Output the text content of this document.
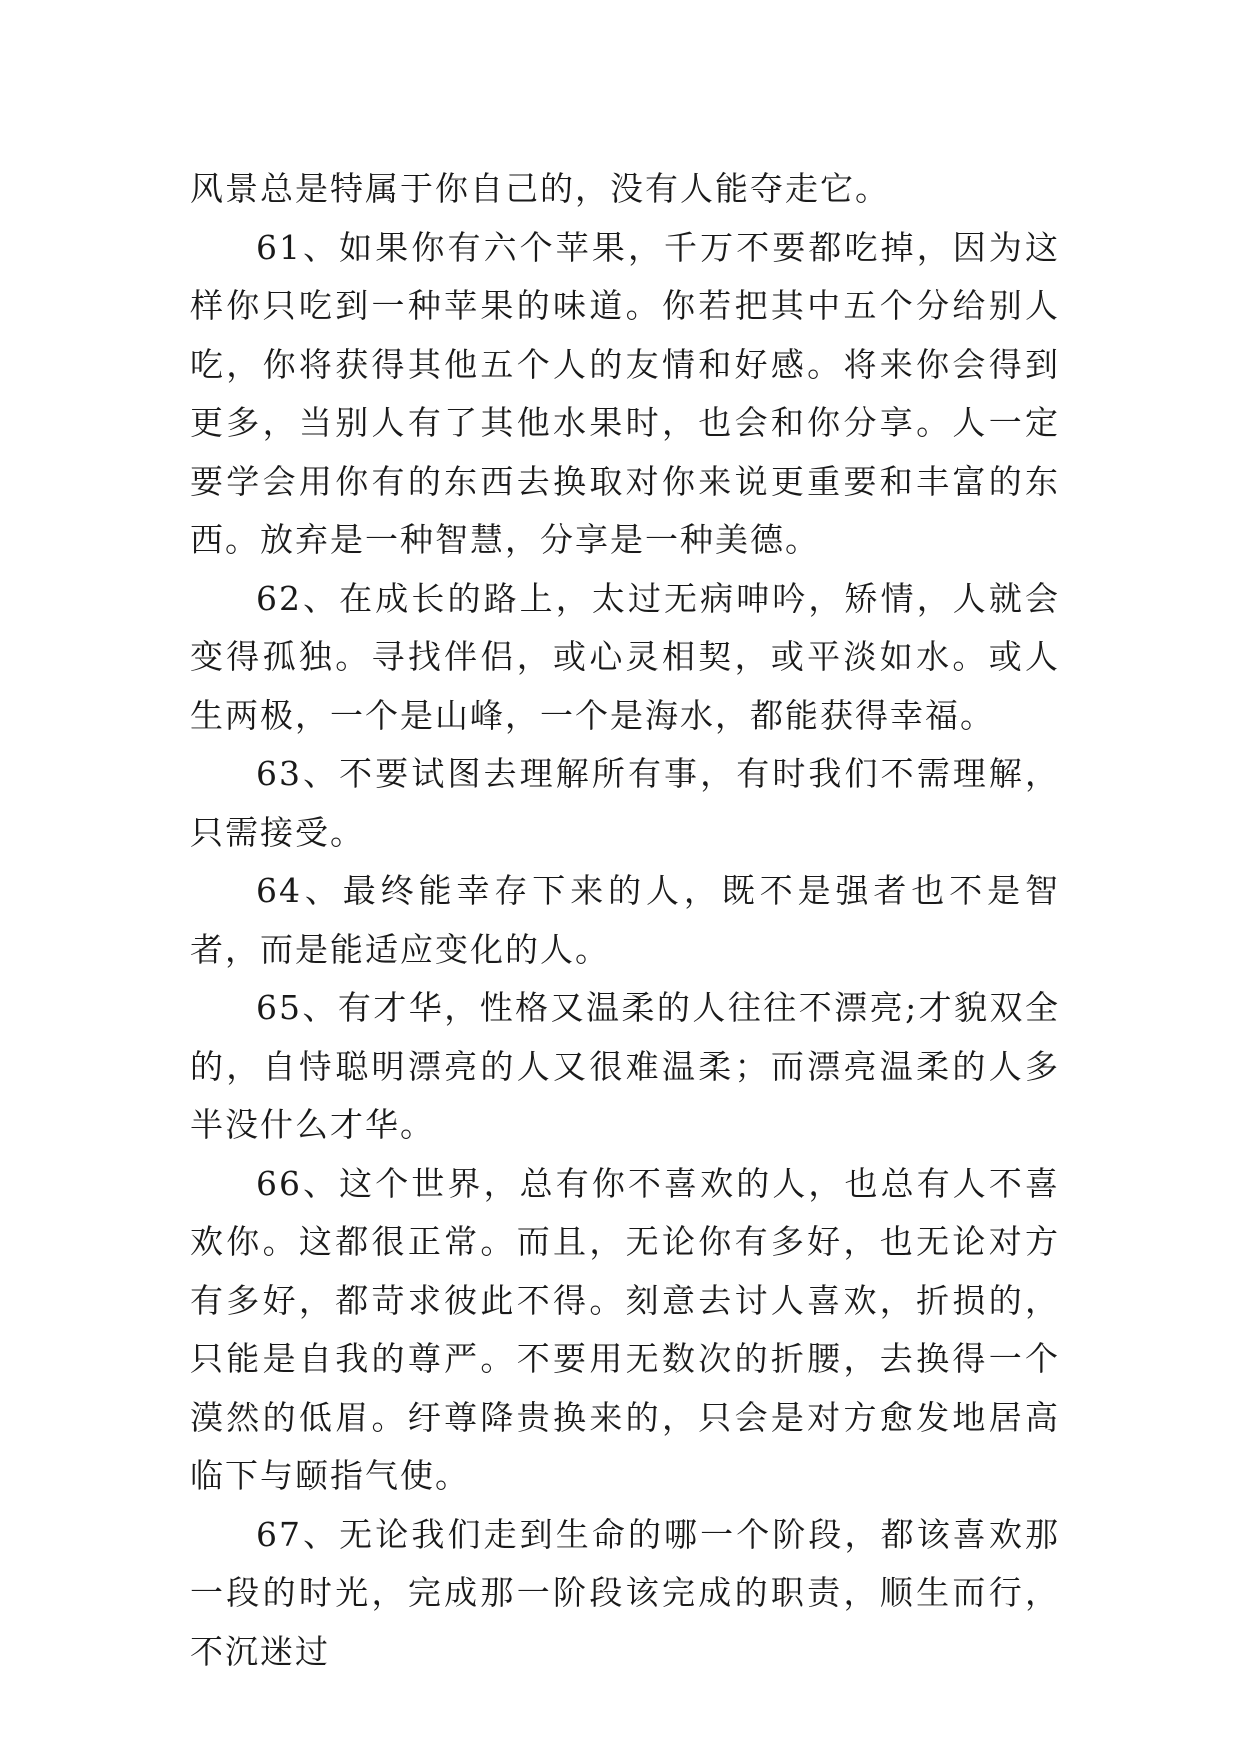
风景总是特属于你自己的，没有人能夺走它。

61、如果你有六个苹果，千万不要都吃掉，因为这样你只吃到一种苹果的味道。你若把其中五个分给别人吃，你将获得其他五个人的友情和好感。将来你会得到更多，当别人有了其他水果时，也会和你分享。人一定要学会用你有的东西去换取对你来说更重要和丰富的东西。放弃是一种智慧，分享是一种美德。

62、在成长的路上，太过无病呻吟，矫情，人就会变得孤独。寻找伴侣，或心灵相契，或平淡如水。或人生两极，一个是山峰，一个是海水，都能获得幸福。

63、不要试图去理解所有事，有时我们不需理解，只需接受。

64、最终能幸存下来的人，既不是强者也不是智者，而是能适应变化的人。

65、有才华，性格又温柔的人往往不漂亮;才貌双全的，自恃聪明漂亮的人又很难温柔；而漂亮温柔的人多半没什么才华。

66、这个世界，总有你不喜欢的人，也总有人不喜欢你。这都很正常。而且，无论你有多好，也无论对方有多好，都苛求彼此不得。刻意去讨人喜欢，折损的，只能是自我的尊严。不要用无数次的折腰，去换得一个漠然的低眉。纡尊降贵换来的，只会是对方愈发地居高临下与颐指气使。

67、无论我们走到生命的哪一个阶段，都该喜欢那一段的时光，完成那一阶段该完成的职责，顺生而行，不沉迷过
